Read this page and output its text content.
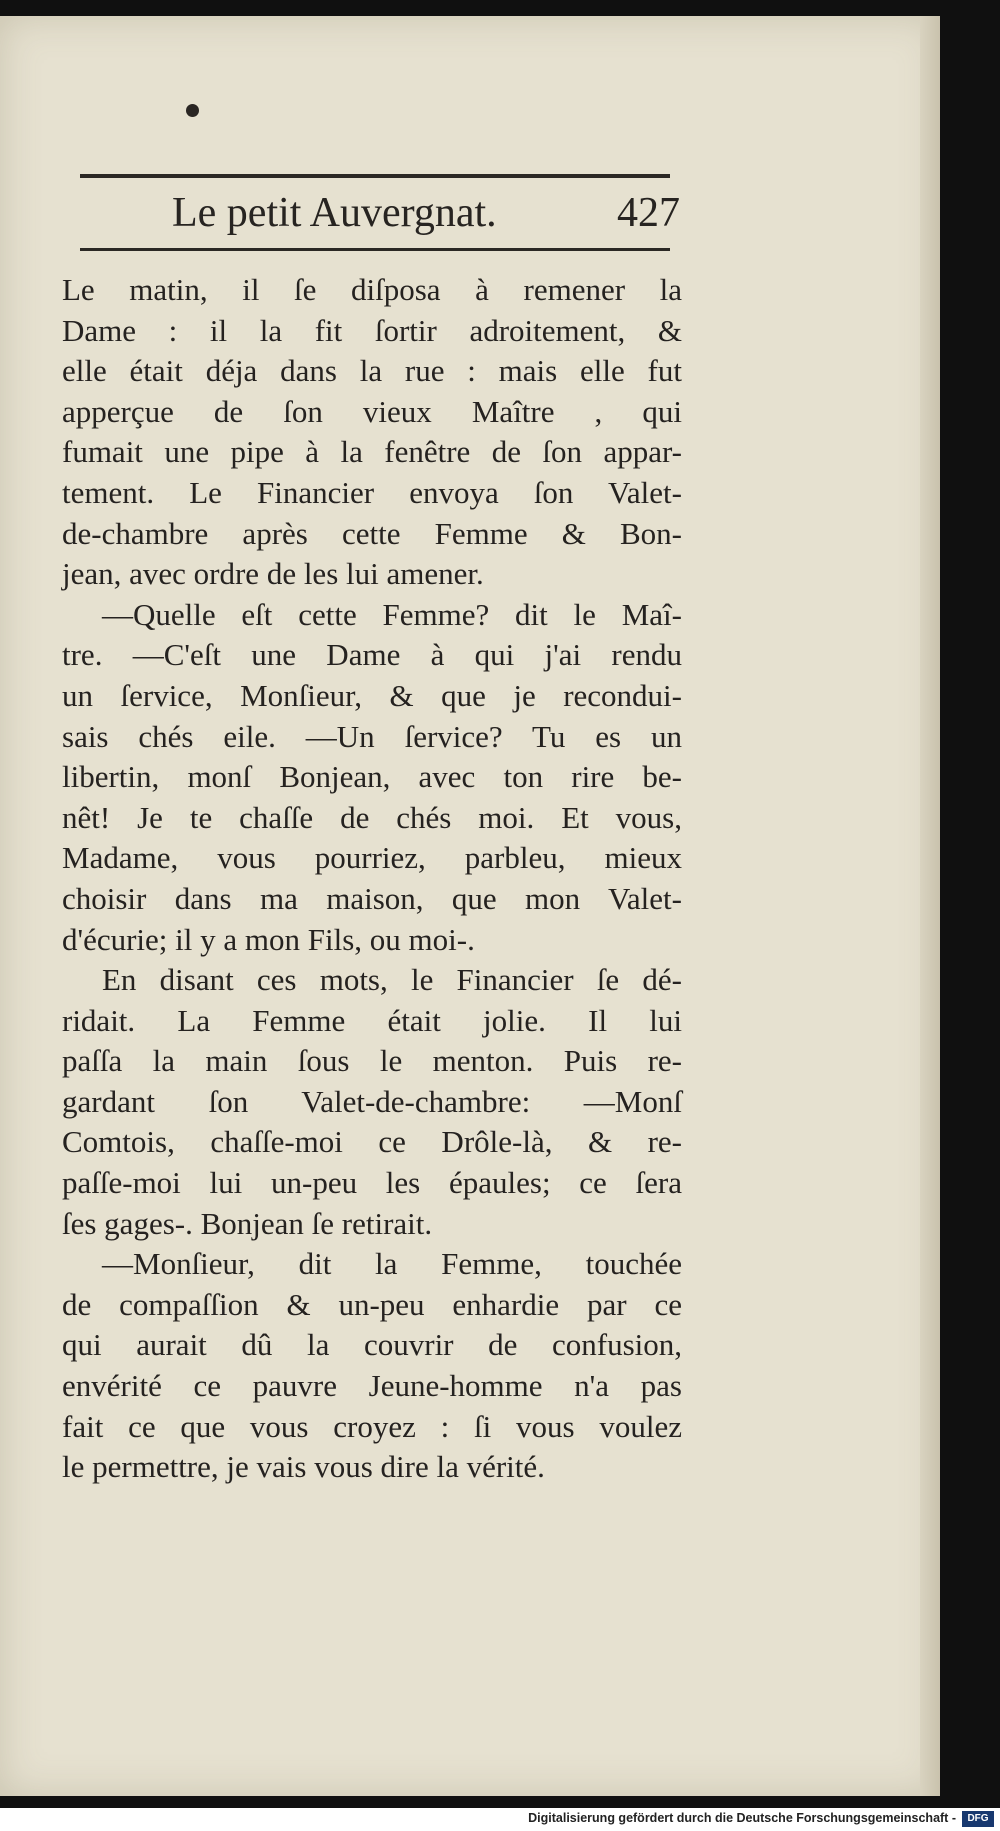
Le petit Auvergnat.	427
Le matin, il ſe diſposa à remener la
Dame : il la fit ſortir adroitement, &
elle était déja dans la rue : mais elle fut
apperçue de ſon vieux Maître , qui
fumait une pipe à la fenêtre de ſon appar-
tement. Le Financier envoya ſon Valet-
de-chambre après cette Femme & Bon-
jean, avec ordre de les lui amener.
—Quelle eſt cette Femme? dit le Maî-
tre. —C'eſt une Dame à qui j'ai rendu
un ſervice, Monſieur, & que je recondui-
sais chés eile. —Un ſervice? Tu es un
libertin, monſ Bonjean, avec ton rire be-
nêt! Je te chaſſe de chés moi. Et vous,
Madame, vous pourriez, parbleu, mieux
choisir dans ma maison, que mon Valet-
d'écurie; il y a mon Fils, ou moi-.
En disant ces mots, le Financier ſe dé-
ridait. La Femme était jolie. Il lui
paſſa la main ſous le menton. Puis re-
gardant ſon Valet-de-chambre: —Monſ
Comtois, chaſſe-moi ce Drôle-là, & re-
paſſe-moi lui un-peu les épaules; ce ſera
ſes gages-. Bonjean ſe retirait.
—Monſieur, dit la Femme, touchée
de compaſſion & un-peu enhardie par ce
qui aurait dû la couvrir de confusion,
envérité ce pauvre Jeune-homme n'a pas
fait ce que vous croyez : ſi vous voulez
le permettre, je vais vous dire la vérité.
Digitalisierung gefördert durch die Deutsche Forschungsgemeinschaft -	DFG
